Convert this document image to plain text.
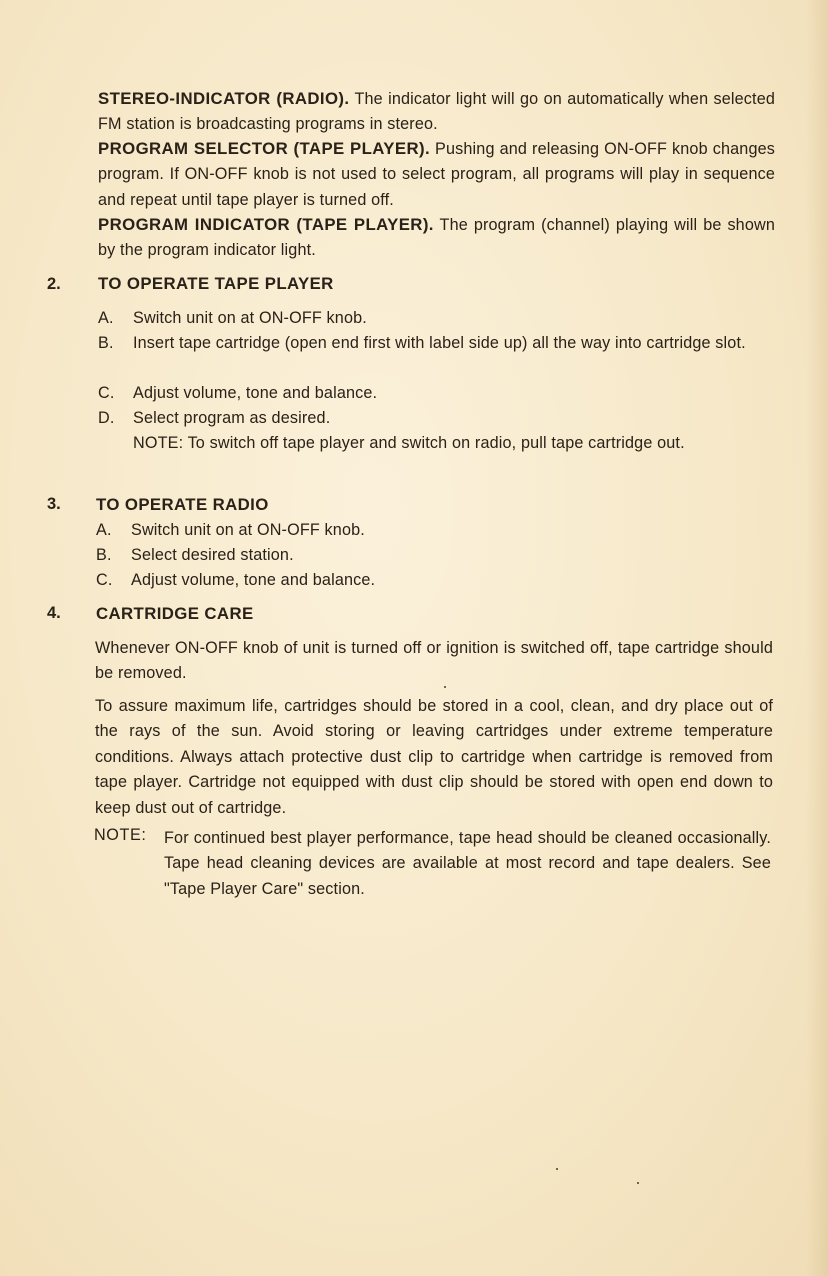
STEREO-INDICATOR (RADIO). The indicator light will go on automatically when selected FM station is broadcasting programs in stereo.
PROGRAM SELECTOR (TAPE PLAYER). Pushing and releasing ON-OFF knob changes program. If ON-OFF knob is not used to select program, all programs will play in sequence and repeat until tape player is turned off.
PROGRAM INDICATOR (TAPE PLAYER). The program (channel) playing will be shown by the program indicator light.
2. TO OPERATE TAPE PLAYER
A. Switch unit on at ON-OFF knob.
B. Insert tape cartridge (open end first with label side up) all the way into cartridge slot.
C. Adjust volume, tone and balance.
D. Select program as desired.
NOTE: To switch off tape player and switch on radio, pull tape cartridge out.
3. TO OPERATE RADIO
A. Switch unit on at ON-OFF knob.
B. Select desired station.
C. Adjust volume, tone and balance.
4. CARTRIDGE CARE
Whenever ON-OFF knob of unit is turned off or ignition is switched off, tape cartridge should be removed.
To assure maximum life, cartridges should be stored in a cool, clean, and dry place out of the rays of the sun. Avoid storing or leaving cartridges under extreme temperature conditions. Always attach protective dust clip to cartridge when cartridge is removed from tape player. Cartridge not equipped with dust clip should be stored with open end down to keep dust out of cartridge.
NOTE: For continued best player performance, tape head should be cleaned occasionally. Tape head cleaning devices are available at most record and tape dealers. See "Tape Player Care" section.
